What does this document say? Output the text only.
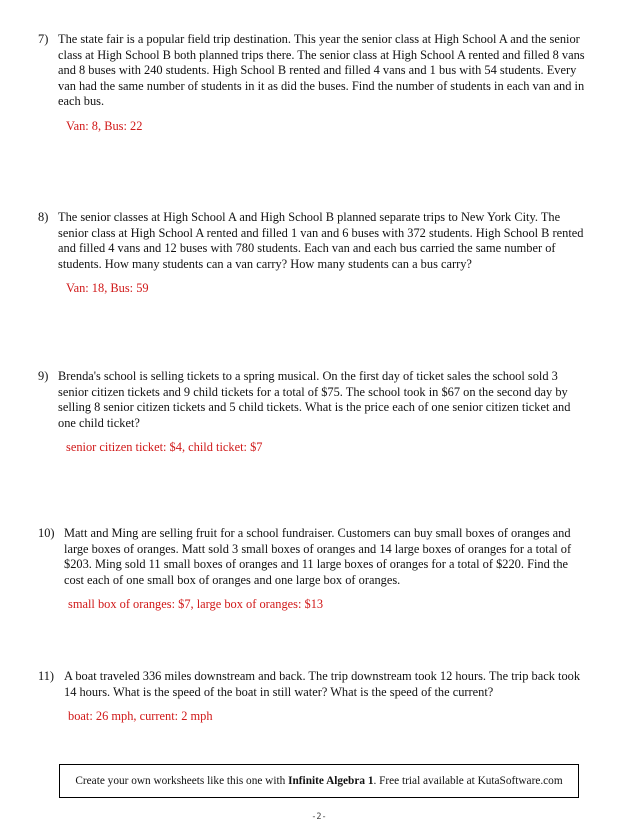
7) The state fair is a popular field trip destination. This year the senior class at High School A and the senior class at High School B both planned trips there. The senior class at High School A rented and filled 8 vans and 8 buses with 240 students. High School B rented and filled 4 vans and 1 bus with 54 students. Every van had the same number of students in it as did the buses. Find the number of students in each van and in each bus.
Van: 8, Bus: 22
8) The senior classes at High School A and High School B planned separate trips to New York City. The senior class at High School A rented and filled 1 van and 6 buses with 372 students. High School B rented and filled 4 vans and 12 buses with 780 students. Each van and each bus carried the same number of students. How many students can a van carry? How many students can a bus carry?
Van: 18, Bus: 59
9) Brenda's school is selling tickets to a spring musical. On the first day of ticket sales the school sold 3 senior citizen tickets and 9 child tickets for a total of $75. The school took in $67 on the second day by selling 8 senior citizen tickets and 5 child tickets. What is the price each of one senior citizen ticket and one child ticket?
senior citizen ticket: $4, child ticket: $7
10) Matt and Ming are selling fruit for a school fundraiser. Customers can buy small boxes of oranges and large boxes of oranges. Matt sold 3 small boxes of oranges and 14 large boxes of oranges for a total of $203. Ming sold 11 small boxes of oranges and 11 large boxes of oranges for a total of $220. Find the cost each of one small box of oranges and one large box of oranges.
small box of oranges: $7, large box of oranges: $13
11) A boat traveled 336 miles downstream and back. The trip downstream took 12 hours. The trip back took 14 hours. What is the speed of the boat in still water? What is the speed of the current?
boat: 26 mph, current: 2 mph
Create your own worksheets like this one with
Infinite Algebra 1 . Free trial available at KutaSoftware.com
-2-
